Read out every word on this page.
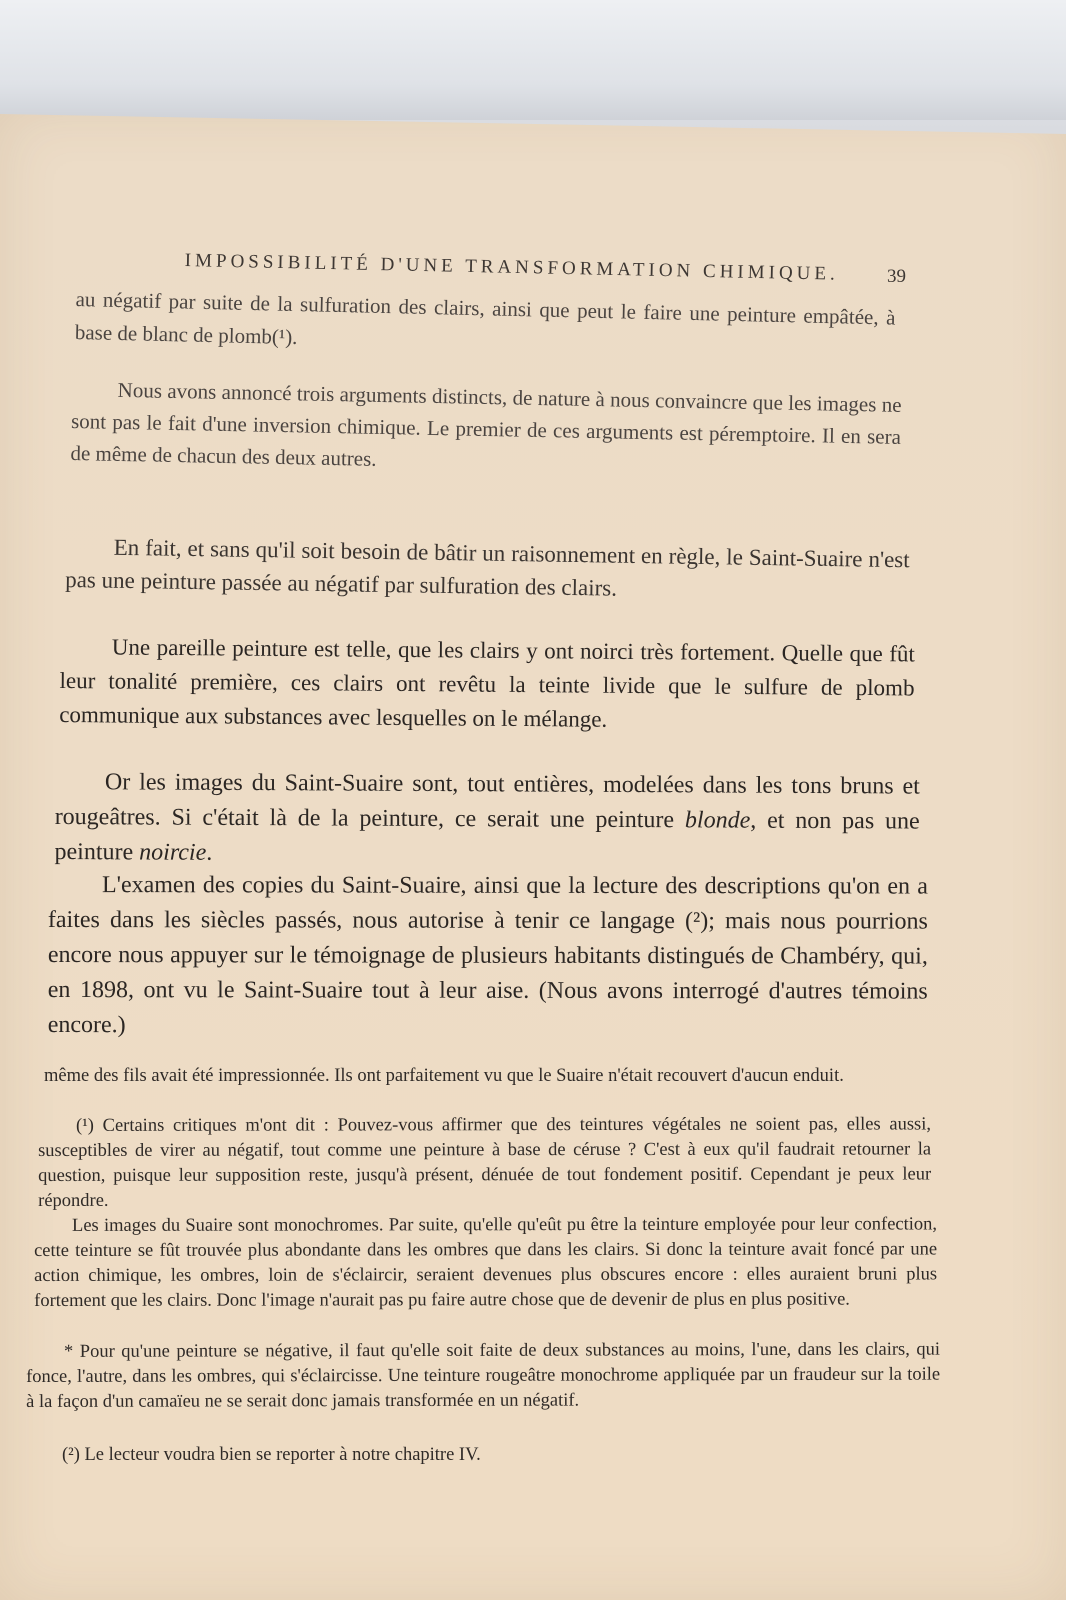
IMPOSSIBILITÉ D'UNE TRANSFORMATION CHIMIQUE.	39

au négatif par suite de la sulfuration des clairs, ainsi que peut le faire une peinture empâtée, à base de blanc de plomb(¹).

Nous avons annoncé trois arguments distincts, de nature à nous convaincre que les images ne sont pas le fait d'une inversion chimique. Le premier de ces arguments est péremptoire. Il en sera de même de chacun des deux autres.

En fait, et sans qu'il soit besoin de bâtir un raisonnement en règle, le Saint-Suaire n'est pas une peinture passée au négatif par sulfuration des clairs.

Une pareille peinture est telle, que les clairs y ont noirci très fortement. Quelle que fût leur tonalité première, ces clairs ont revêtu la teinte livide que le sulfure de plomb communique aux substances avec lesquelles on le mélange.

Or les images du Saint-Suaire sont, tout entières, modelées dans les tons bruns et rougeâtres. Si c'était là de la peinture, ce serait une peinture blonde, et non pas une peinture noircie.

L'examen des copies du Saint-Suaire, ainsi que la lecture des descriptions qu'on en a faites dans les siècles passés, nous autorise à tenir ce langage (²); mais nous pourrions encore nous appuyer sur le témoignage de plusieurs habitants distingués de Chambéry, qui, en 1898, ont vu le Saint-Suaire tout à leur aise. (Nous avons interrogé d'autres témoins encore.)

même des fils avait été impressionnée. Ils ont parfaitement vu que le Suaire n'était recouvert d'aucun enduit.

(¹) Certains critiques m'ont dit : Pouvez-vous affirmer que des teintures végétales ne soient pas, elles aussi, susceptibles de virer au négatif, tout comme une peinture à base de céruse ? C'est à eux qu'il faudrait retourner la question, puisque leur supposition reste, jusqu'à présent, dénuée de tout fondement positif. Cependant je peux leur répondre.

Les images du Suaire sont monochromes. Par suite, qu'elle qu'eût pu être la teinture employée pour leur confection, cette teinture se fût trouvée plus abondante dans les ombres que dans les clairs. Si donc la teinture avait foncé par une action chimique, les ombres, loin de s'éclaircir, seraient devenues plus obscures encore : elles auraient bruni plus fortement que les clairs. Donc l'image n'aurait pas pu faire autre chose que de devenir de plus en plus positive.

* Pour qu'une peinture se négative, il faut qu'elle soit faite de deux substances au moins, l'une, dans les clairs, qui fonce, l'autre, dans les ombres, qui s'éclaircisse. Une teinture rougeâtre monochrome appliquée par un fraudeur sur la toile à la façon d'un camaïeu ne se serait donc jamais transformée en un négatif.

(²) Le lecteur voudra bien se reporter à notre chapitre IV.
